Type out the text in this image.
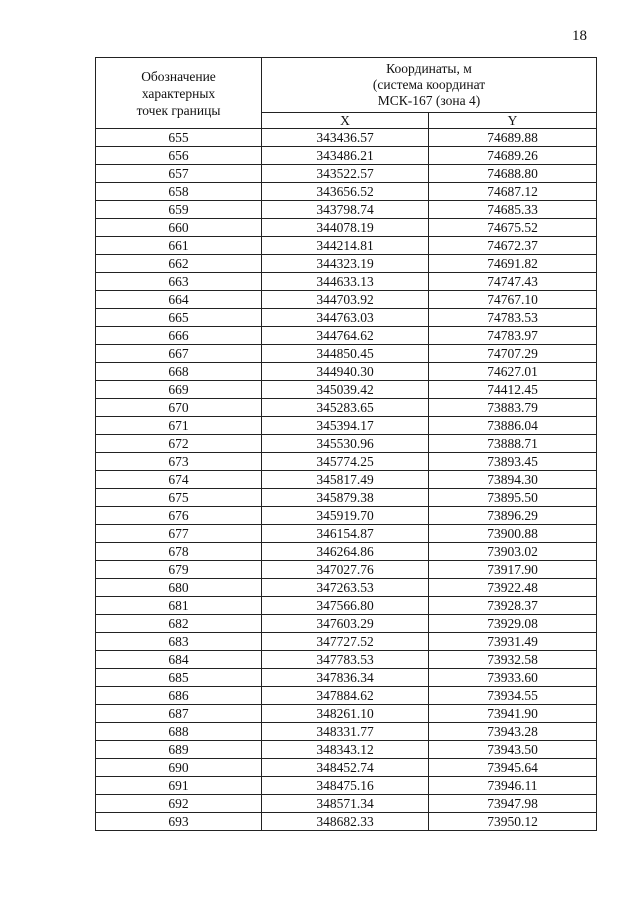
18
Обозначение
характерных
точек границы	Координаты, м
(система координат
МСК-167 (зона 4)	

	X	Y
655	343436.57	74689.88
656	343486.21	74689.26
657	343522.57	74688.80
658	343656.52	74687.12
659	343798.74	74685.33
660	344078.19	74675.52
661	344214.81	74672.37
662	344323.19	74691.82
663	344633.13	74747.43
664	344703.92	74767.10
665	344763.03	74783.53
666	344764.62	74783.97
667	344850.45	74707.29
668	344940.30	74627.01
669	345039.42	74412.45
670	345283.65	73883.79
671	345394.17	73886.04
672	345530.96	73888.71
673	345774.25	73893.45
674	345817.49	73894.30
675	345879.38	73895.50
676	345919.70	73896.29
677	346154.87	73900.88
678	346264.86	73903.02
679	347027.76	73917.90
680	347263.53	73922.48
681	347566.80	73928.37
682	347603.29	73929.08
683	347727.52	73931.49
684	347783.53	73932.58
685	347836.34	73933.60
686	347884.62	73934.55
687	348261.10	73941.90
688	348331.77	73943.28
689	348343.12	73943.50
690	348452.74	73945.64
691	348475.16	73946.11
692	348571.34	73947.98
693	348682.33	73950.12
